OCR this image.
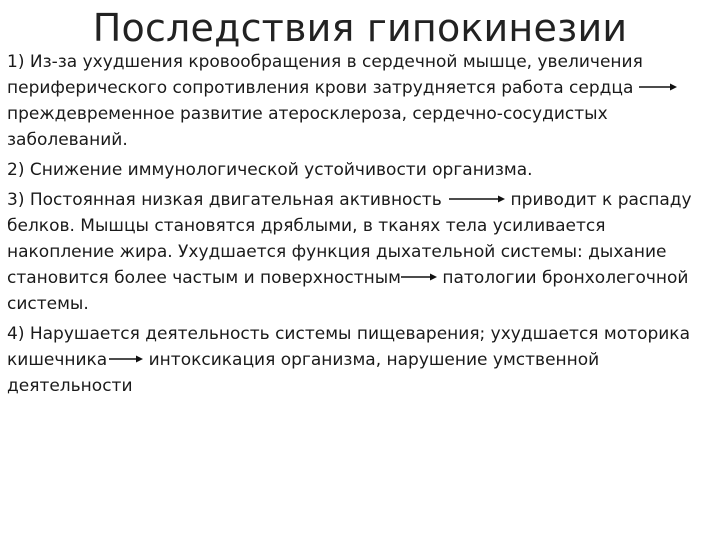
Последствия гипокинезии
1) Из-за ухудшения кровообращения в сердечной мышце, увеличения
периферического сопротивления крови затрудняется работа сердца
преждевременное развитие атеросклероза, сердечно-сосудистых
заболеваний.
2) Снижение иммунологической устойчивости организма.
3) Постоянная низкая двигательная активность	приводит к распаду
белков. Мышцы становятся дряблыми, в тканях тела усиливается
накопление жира. Ухудшается функция дыхательной системы: дыхание
становится более частым и поверхностным
патологии бронхолегочной
системы.
4) Нарушается деятельность системы пищеварения; ухудшается моторика
кишечника
интоксикация организма, нарушение умственной
деятельности
